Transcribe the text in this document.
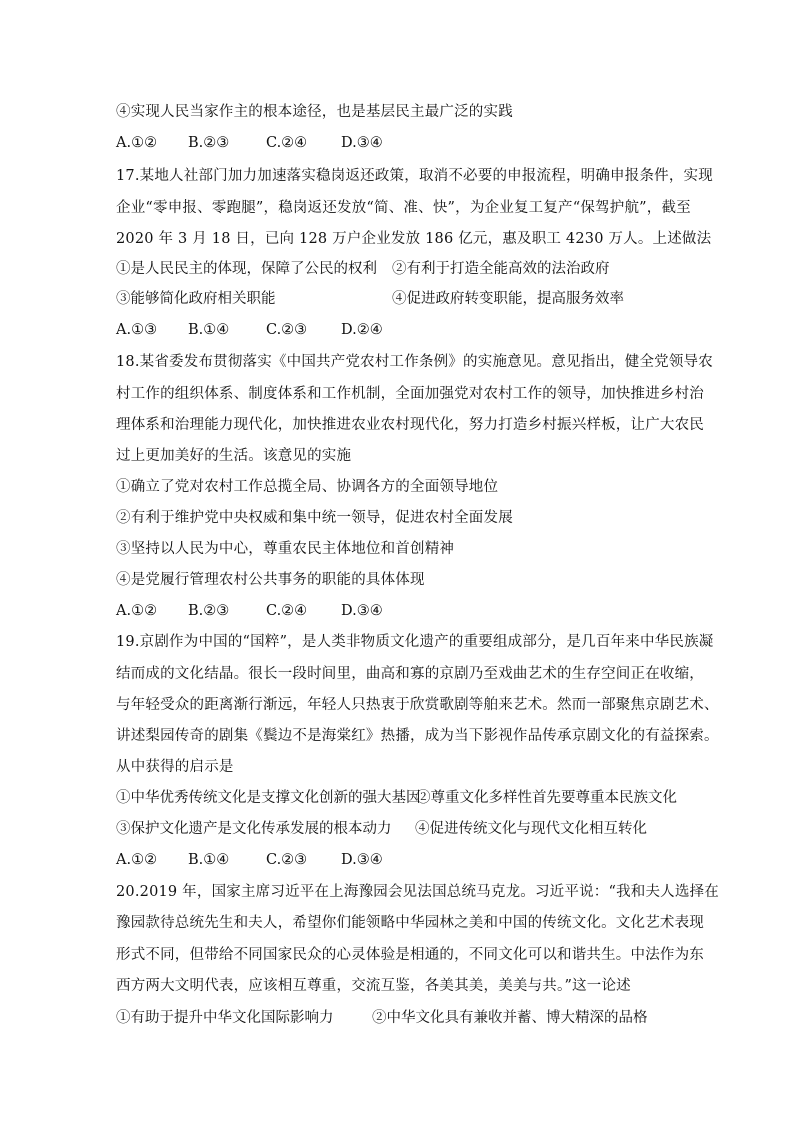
④实现人民当家作主的根本途径，也是基层民主最广泛的实践
A.①② B.②③	C.②④ D.③④
17.某地人社部门加力加速落实稳岗返还政策，取消不必要的申报流程，明确申报条件，实现
企业“零申报、零跑腿”，稳岗返还发放“简、准、快”，为企业复工复产“保驾护航”，截至
2020 年 3 月 18 日，已向 128 万户企业发放 186 亿元，惠及职工 4230 万人。上述做法
①是人民民主的体现，保障了公民的权利 ②有利于打造全能高效的法治政府
③能够简化政府相关职能	④促进政府转变职能，提高服务效率
A.①③ B.①④	C.②③ D.②④
18.某省委发布贯彻落实《中国共产党农村工作条例》的实施意见。意见指出，健全党领导农
村工作的组织体系、制度体系和工作机制，全面加强党对农村工作的领导，加快推进乡村治
理体系和治理能力现代化，加快推进农业农村现代化，努力打造乡村振兴样板，让广大农民
过上更加美好的生活。该意见的实施
①确立了党对农村工作总揽全局、协调各方的全面领导地位
②有利于维护党中央权威和集中统一领导，促进农村全面发展
③坚持以人民为中心，尊重农民主体地位和首创精神
④是党履行管理农村公共事务的职能的具体体现
A.①② B.②③	C.②④ D.③④
19.京剧作为中国的“国粹”，是人类非物质文化遗产的重要组成部分，是几百年来中华民族凝
结而成的文化结晶。很长一段时间里，曲高和寡的京剧乃至戏曲艺术的生存空间正在收缩，
与年轻受众的距离渐行渐远，年轻人只热衷于欣赏歌剧等舶来艺术。然而一部聚焦京剧艺术、
讲述梨园传奇的剧集《鬓边不是海棠红》热播，成为当下影视作品传承京剧文化的有益探索。
从中获得的启示是
①中华优秀传统文化是支撑文化创新的强大基因
②尊重文化多样性首先要尊重本民族文化
③保护文化遗产是文化传承发展的根本动力 ④促进传统文化与现代文化相互转化
A.①② B.①④	C.②③ D.③④
20.2019 年，国家主席习近平在上海豫园会见法国总统马克龙。习近平说：“我和夫人选择在
豫园款待总统先生和夫人，希望你们能领略中华园林之美和中国的传统文化。文化艺术表现
形式不同，但带给不同国家民众的心灵体验是相通的，不同文化可以和谐共生。中法作为东
西方两大文明代表，应该相互尊重，交流互鉴，各美其美，美美与共。”这一论述
①有助于提升中华文化国际影响力	②中华文化具有兼收并蓄、博大精深的品格
